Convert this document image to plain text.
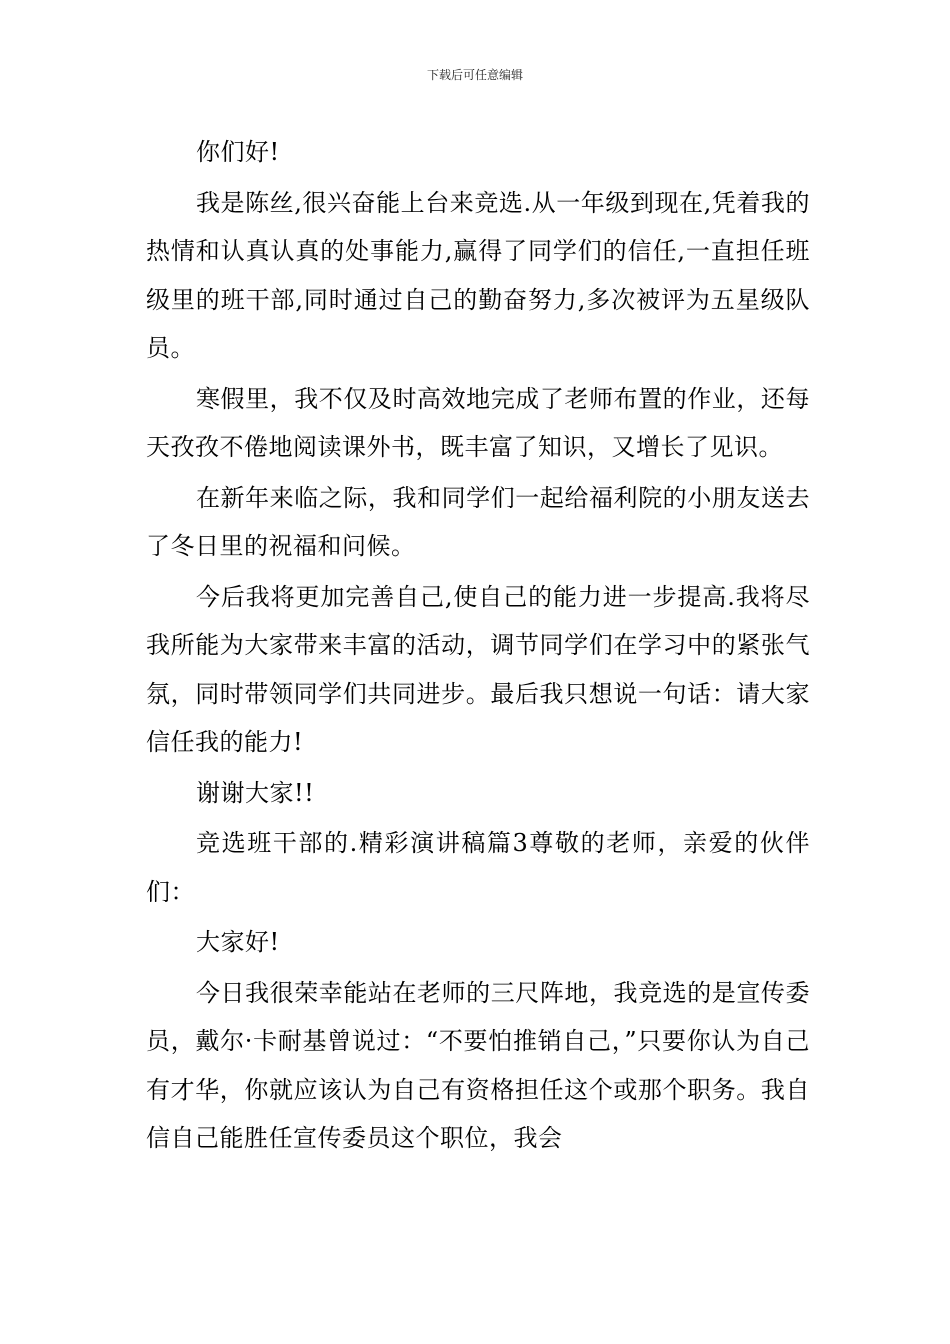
下载后可任意编辑

你们好!

我是陈丝,很兴奋能上台来竞选.从一年级到现在,凭着我的热情和认真认真的处事能力,赢得了同学们的信任,一直担任班级里的班干部,同时通过自己的勤奋努力,多次被评为五星级队员。

寒假里，我不仅及时高效地完成了老师布置的作业，还每天孜孜不倦地阅读课外书，既丰富了知识，又增长了见识。

在新年来临之际，我和同学们一起给福利院的小朋友送去了冬日里的祝福和问候。

今后我将更加完善自己,使自己的能力进一步提高.我将尽我所能为大家带来丰富的活动，调节同学们在学习中的紧张气氛，同时带领同学们共同进步。最后我只想说一句话：请大家信任我的能力!

谢谢大家!!

竞选班干部的.精彩演讲稿篇3尊敬的老师，亲爱的伙伴们：

大家好!

今日我很荣幸能站在老师的三尺阵地，我竞选的是宣传委员，戴尔·卡耐基曾说过：“不要怕推销自己，”只要你认为自己有才华，你就应该认为自己有资格担任这个或那个职务。我自信自己能胜任宣传委员这个职位，我会
